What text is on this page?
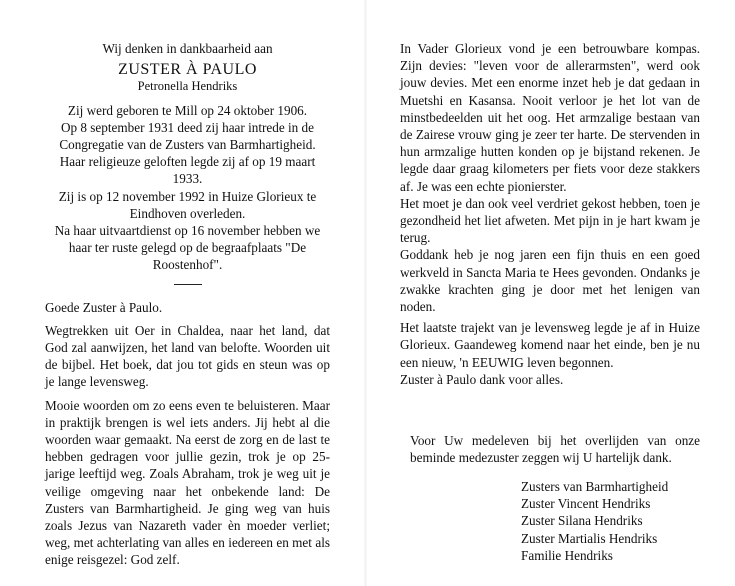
Wij denken in dankbaarheid aan

ZUSTER À PAULO

Petronella Hendriks

Zij werd geboren te Mill op 24 oktober 1906.

Op 8 september 1931 deed zij haar intrede in de Congregatie van de Zusters van Barmhartigheid.

Haar religieuze geloften legde zij af op 19 maart 1933.

Zij is op 12 november 1992 in Huize Glorieux te Eindhoven overleden.

Na haar uitvaartdienst op 16 november hebben we haar ter ruste gelegd op de begraafplaats "De Roostenhof".

Goede Zuster à Paulo.

Wegtrekken uit Oer in Chaldea, naar het land, dat God zal aanwijzen, het land van belofte. Woorden uit de bijbel. Het boek, dat jou tot gids en steun was op je lange levensweg.

Mooie woorden om zo eens even te beluisteren. Maar in praktijk brengen is wel iets anders. Jij hebt al die woorden waar gemaakt. Na eerst de zorg en de last te hebben gedragen voor jullie gezin, trok je op 25-jarige leeftijd weg. Zoals Abraham, trok je weg uit je veilige omgeving naar het onbekende land: De Zusters van Barmhartigheid. Je ging weg van huis zoals Jezus van Nazareth vader èn moeder verliet; weg, met achterlating van alles en iedereen en met als enige reisgezel: God zelf.

In Vader Glorieux vond je een betrouwbare kompas. Zijn devies: "leven voor de allerarmsten", werd ook jouw devies. Met een enorme inzet heb je dat gedaan in Muetshi en Kasansa. Nooit verloor je het lot van de minstbedeelden uit het oog. Het armzalige bestaan van de Zairese vrouw ging je zeer ter harte. De stervenden in hun armzalige hutten konden op je bijstand rekenen. Je legde daar graag kilometers per fiets voor deze stakkers af. Je was een echte pionierster.

Het moet je dan ook veel verdriet gekost hebben, toen je gezondheid het liet afweten. Met pijn in je hart kwam je terug.

Goddank heb je nog jaren een fijn thuis en een goed werkveld in Sancta Maria te Hees gevonden. Ondanks je zwakke krachten ging je door met het lenigen van noden.

Het laatste trajekt van je levensweg legde je af in Huize Glorieux. Gaandeweg komend naar het einde, ben je nu een nieuw, 'n EEUWIG leven begonnen.

Zuster à Paulo dank voor alles.

Voor Uw medeleven bij het overlijden van onze beminde medezuster zeggen wij U hartelijk dank.

Zusters van Barmhartigheid

Zuster Vincent Hendriks

Zuster Silana Hendriks

Zuster Martialis Hendriks

Familie Hendriks
